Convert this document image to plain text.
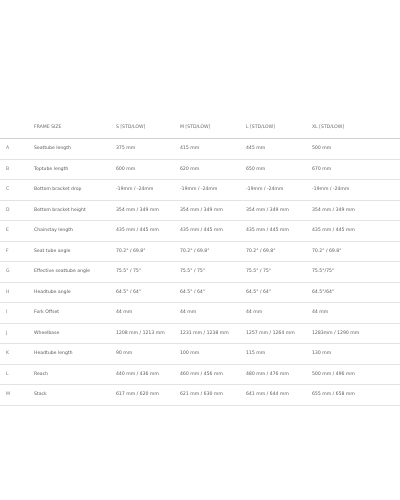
FRAME SIZE	S [STD/LOW]	M [STD/LOW]	L [STD/LOW]	XL [STD/LOW]
A	Seattube length	375 mm	415 mm	445 mm	500 mm
B	Toptube length	600 mm	620 mm	650 mm	670 mm
C	Bottom bracket drop	-19mm / -24mm	-19mm / -24mm	-19mm / -24mm	-19mm / -24mm
D	Bottom bracket height	354 mm / 349 mm	354 mm / 349 mm	354 mm / 349 mm	354 mm / 349 mm
E	Chainstay length	435 mm / 445 mm	435 mm / 445 mm	435 mm / 445 mm	435 mm / 445 mm
F	Seat tube angle	70.2° / 69.8°	70.2° / 69.8°	70.2° / 69.8°	70.2° / 69.8°
G	Effective seattube angle	75.5° / 75°	75.5° / 75°	75.5° / 75°	75.5°/75°
H	Headtube angle	64.5° / 64°	64.5° / 64°	64.5° / 64°	64.5°/64°
I	Fork Offset	44 mm	44 mm	44 mm	44 mm
J	Wheelbase	1208 mm / 1213 mm	1231 mm / 1238 mm	1257 mm / 1264 mm	1283mm / 1290 mm
K	Headtube length	90 mm	100 mm	115 mm	130 mm
L	Reach	440 mm / 436 mm	460 mm / 456 mm	480 mm / 476 mm	500 mm / 496 mm
M	Stack	617 mm / 620 mm	621 mm / 630 mm	641 mm / 644 mm	655 mm / 658 mm
